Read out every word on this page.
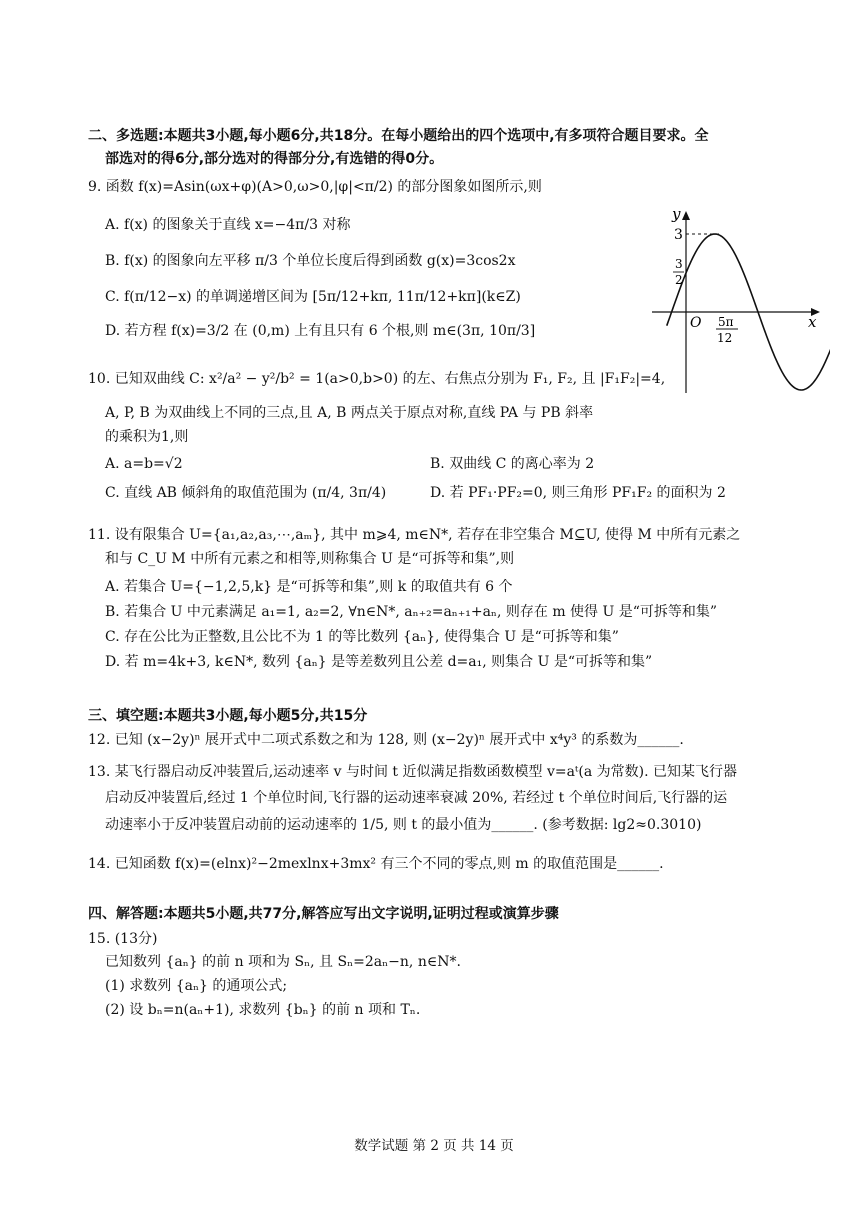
二、多选题:本题共3小题,每小题6分,共18分。在每小题给出的四个选项中,有多项符合题目要求。全
部选对的得6分,部分选对的得部分分,有选错的得0分。
9. 函数 f(x)=Asin(ωx+φ)(A>0,ω>0,|φ|<π/2) 的部分图象如图所示,则
A. f(x) 的图象关于直线 x=−4π/3 对称
B. f(x) 的图象向左平移 π/3 个单位长度后得到函数 g(x)=3cos2x
C. f(π/12−x) 的单调递增区间为 [5π/12+kπ, 11π/12+kπ](k∈Z)
D. 若方程 f(x)=3/2 在 (0,m) 上有且只有 6 个根,则 m∈(3π, 10π/3]
y
x
O
3
3
2
5π
12
10. 已知双曲线 C: x²/a² − y²/b² = 1(a>0,b>0) 的左、右焦点分别为 F₁, F₂, 且 |F₁F₂|=4,
A, P, B 为双曲线上不同的三点,且 A, B 两点关于原点对称,直线 PA 与 PB 斜率
的乘积为1,则
A. a=b=√2	B. 双曲线 C 的离心率为 2
C. 直线 AB 倾斜角的取值范围为 (π/4, 3π/4)	D. 若 PF₁·PF₂=0, 则三角形 PF₁F₂ 的面积为 2
11. 设有限集合 U={a₁,a₂,a₃,⋯,aₘ}, 其中 m⩾4, m∈N*, 若存在非空集合 M⊆U, 使得 M 中所有元素之
和与 C_U M 中所有元素之和相等,则称集合 U 是“可拆等和集”,则
A. 若集合 U={−1,2,5,k} 是“可拆等和集”,则 k 的取值共有 6 个
B. 若集合 U 中元素满足 a₁=1, a₂=2, ∀n∈N*, aₙ₊₂=aₙ₊₁+aₙ, 则存在 m 使得 U 是“可拆等和集”
C. 存在公比为正整数,且公比不为 1 的等比数列 {aₙ}, 使得集合 U 是“可拆等和集”
D. 若 m=4k+3, k∈N*, 数列 {aₙ} 是等差数列且公差 d=a₁, 则集合 U 是“可拆等和集”
三、填空题:本题共3小题,每小题5分,共15分
12. 已知 (x−2y)ⁿ 展开式中二项式系数之和为 128, 则 (x−2y)ⁿ 展开式中 x⁴y³ 的系数为______.
13. 某飞行器启动反冲装置后,运动速率 v 与时间 t 近似满足指数函数模型 v=aᵗ(a 为常数). 已知某飞行器
启动反冲装置后,经过 1 个单位时间,飞行器的运动速率衰减 20%, 若经过 t 个单位时间后,飞行器的运
动速率小于反冲装置启动前的运动速率的 1/5, 则 t 的最小值为______. (参考数据: lg2≈0.3010)
14. 已知函数 f(x)=(elnx)²−2mexlnx+3mx² 有三个不同的零点,则 m 的取值范围是______.
四、解答题:本题共5小题,共77分,解答应写出文字说明,证明过程或演算步骤
15. (13分)
已知数列 {aₙ} 的前 n 项和为 Sₙ, 且 Sₙ=2aₙ−n, n∈N*.
(1) 求数列 {aₙ} 的通项公式;
(2) 设 bₙ=n(aₙ+1), 求数列 {bₙ} 的前 n 项和 Tₙ.
数学试题 第 2 页 共 14 页
